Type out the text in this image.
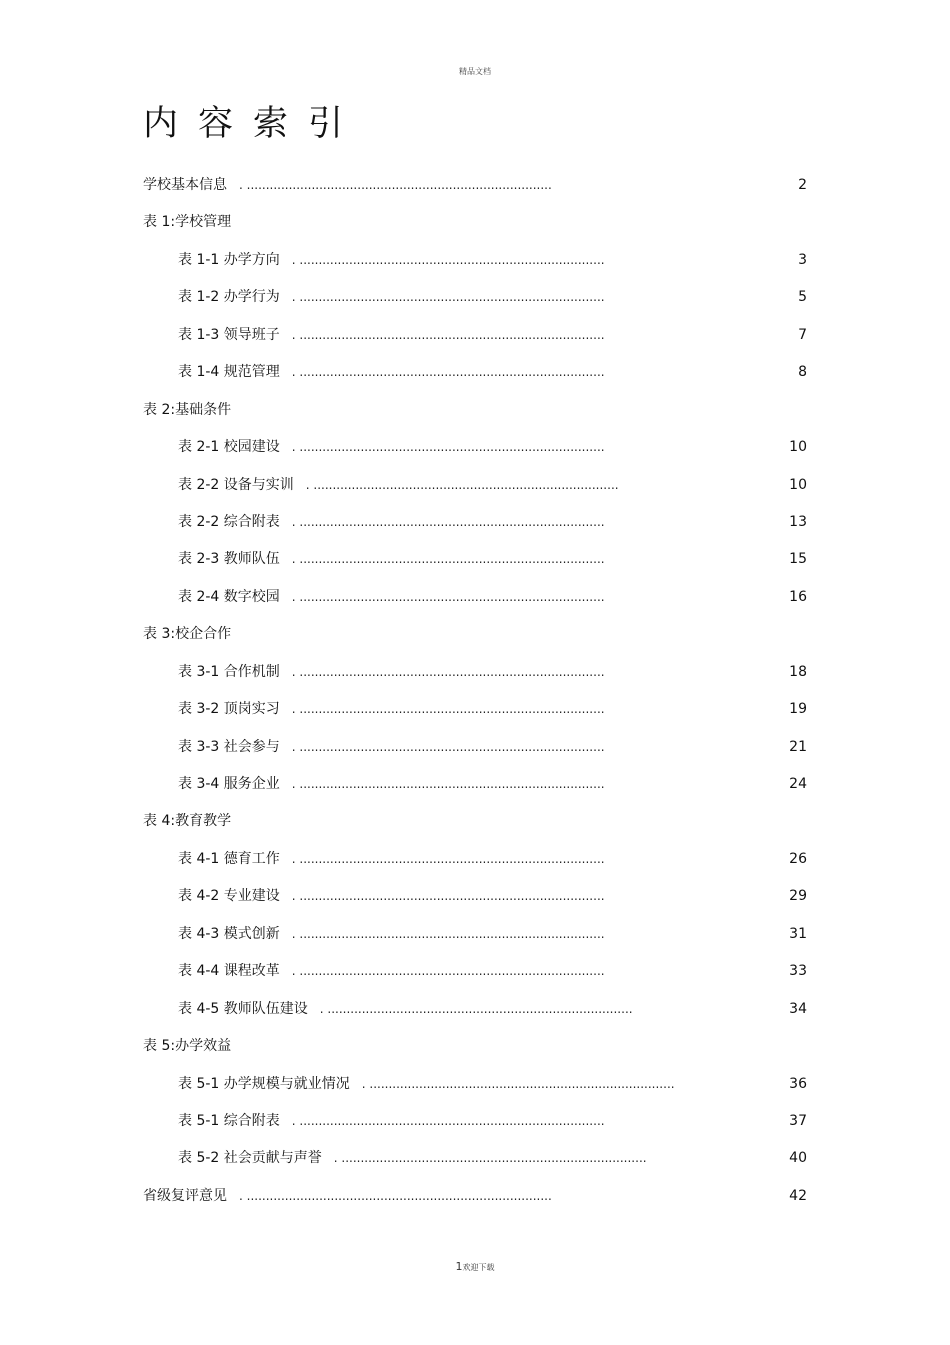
精品文档
内容索引
学校基本信息 . ................................................................................	2
表 1:学校管理
表 1-1 办学方向 . ................................................................................	3
表 1-2 办学行为 . ................................................................................	5
表 1-3 领导班子 . ................................................................................	7
表 1-4 规范管理 . ................................................................................	8
表 2:基础条件
表 2-1 校园建设 . ................................................................................	10
表 2-2 设备与实训 . ................................................................................	10
表 2-2 综合附表 . ................................................................................	13
表 2-3 教师队伍 . ................................................................................	15
表 2-4 数字校园 . ................................................................................	16
表 3:校企合作
表 3-1 合作机制 . ................................................................................	18
表 3-2 顶岗实习 . ................................................................................	19
表 3-3 社会参与 . ................................................................................	21
表 3-4 服务企业 . ................................................................................	24
表 4:教育教学
表 4-1 德育工作 . ................................................................................	26
表 4-2 专业建设 . ................................................................................	29
表 4-3 模式创新 . ................................................................................	31
表 4-4 课程改革 . ................................................................................	33
表 4-5 教师队伍建设 . ................................................................................	34
表 5:办学效益
表 5-1 办学规模与就业情况 . ................................................................................	36
表 5-1 综合附表 . ................................................................................	37
表 5-2 社会贡献与声誉 . ................................................................................	40
省级复评意见 . ................................................................................	42
1欢迎下载
